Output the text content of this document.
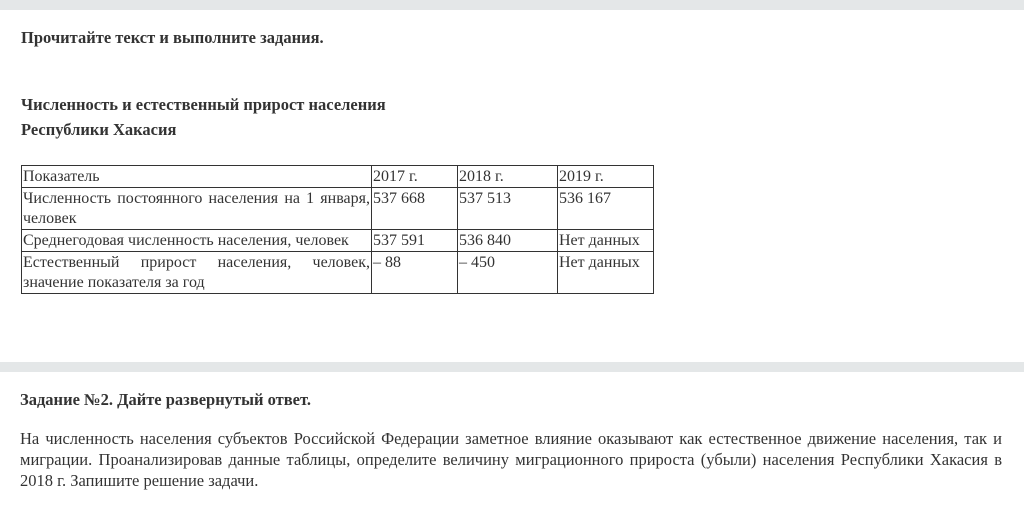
Прочитайте текст и выполните задания.
Численность и естественный прирост населения
Республики Хакасия
Показатель	2017 г.	2018 г.	2019 г.
Численность постоянного населения на 1 января, человек	537 668	537 513	536 167
Среднегодовая численность населения, человек	537 591	536 840	Нет данных
Естественный прирост населения, человек, значение показателя за год	– 88	– 450	Нет данных
Задание №2. Дайте развернутый ответ.
На численность населения субъектов Российской Федерации заметное влияние оказывают как естественное движение населения, так и миграции. Проанализировав данные таблицы, определите величину миграционного прироста (убыли) населения Республики Хакасия в 2018 г. Запишите решение задачи.
